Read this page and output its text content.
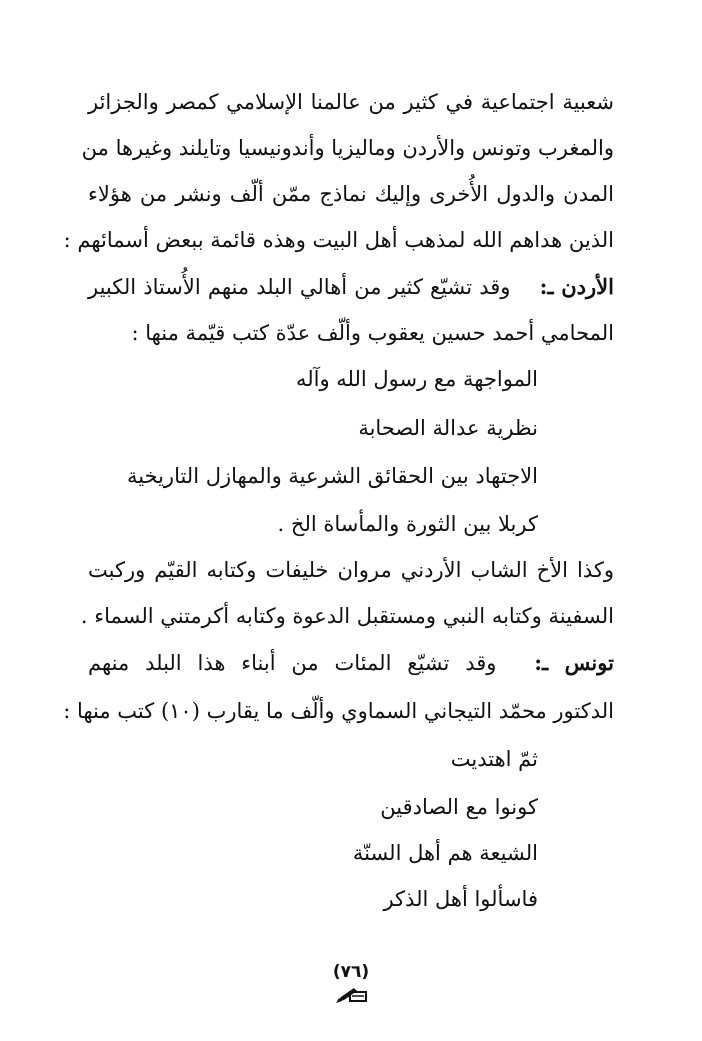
شعبية اجتماعية في كثير من عالمنا الإسلامي كمصر والجزائر
والمغرب وتونس والأردن وماليزيا وأندونيسيا وتايلند وغيرها من
المدن والدول الأُخرى وإليك نماذج ممّن ألّف ونشر من هؤلاء
الذين هداهم الله لمذهب أهل البيت وهذه قائمة ببعض أسمائهم :
الأردن ـ: وقد تشيّع كثير من أهالي البلد منهم الأُستاذ الكبير
المحامي أحمد حسين يعقوب وألّف عدّة كتب قيّمة منها :
المواجهة مع رسول الله وآله
نظرية عدالة الصحابة
الاجتهاد بين الحقائق الشرعية والمهازل التاريخية
كربلا بين الثورة والمأساة الخ .
وكذا الأخ الشاب الأردني مروان خليفات وكتابه القيّم وركبت
السفينة وكتابه النبي ومستقبل الدعوة وكتابه أكرمتني السماء .
تونس ـ: وقد تشيّع المئات من أبناء هذا البلد منهم
الدكتور محمّد التيجاني السماوي وألّف ما يقارب (١٠) كتب منها :
ثمّ اهتديت
كونوا مع الصادقين
الشيعة هم أهل السنّة
فاسألوا أهل الذكر
(٧٦)
